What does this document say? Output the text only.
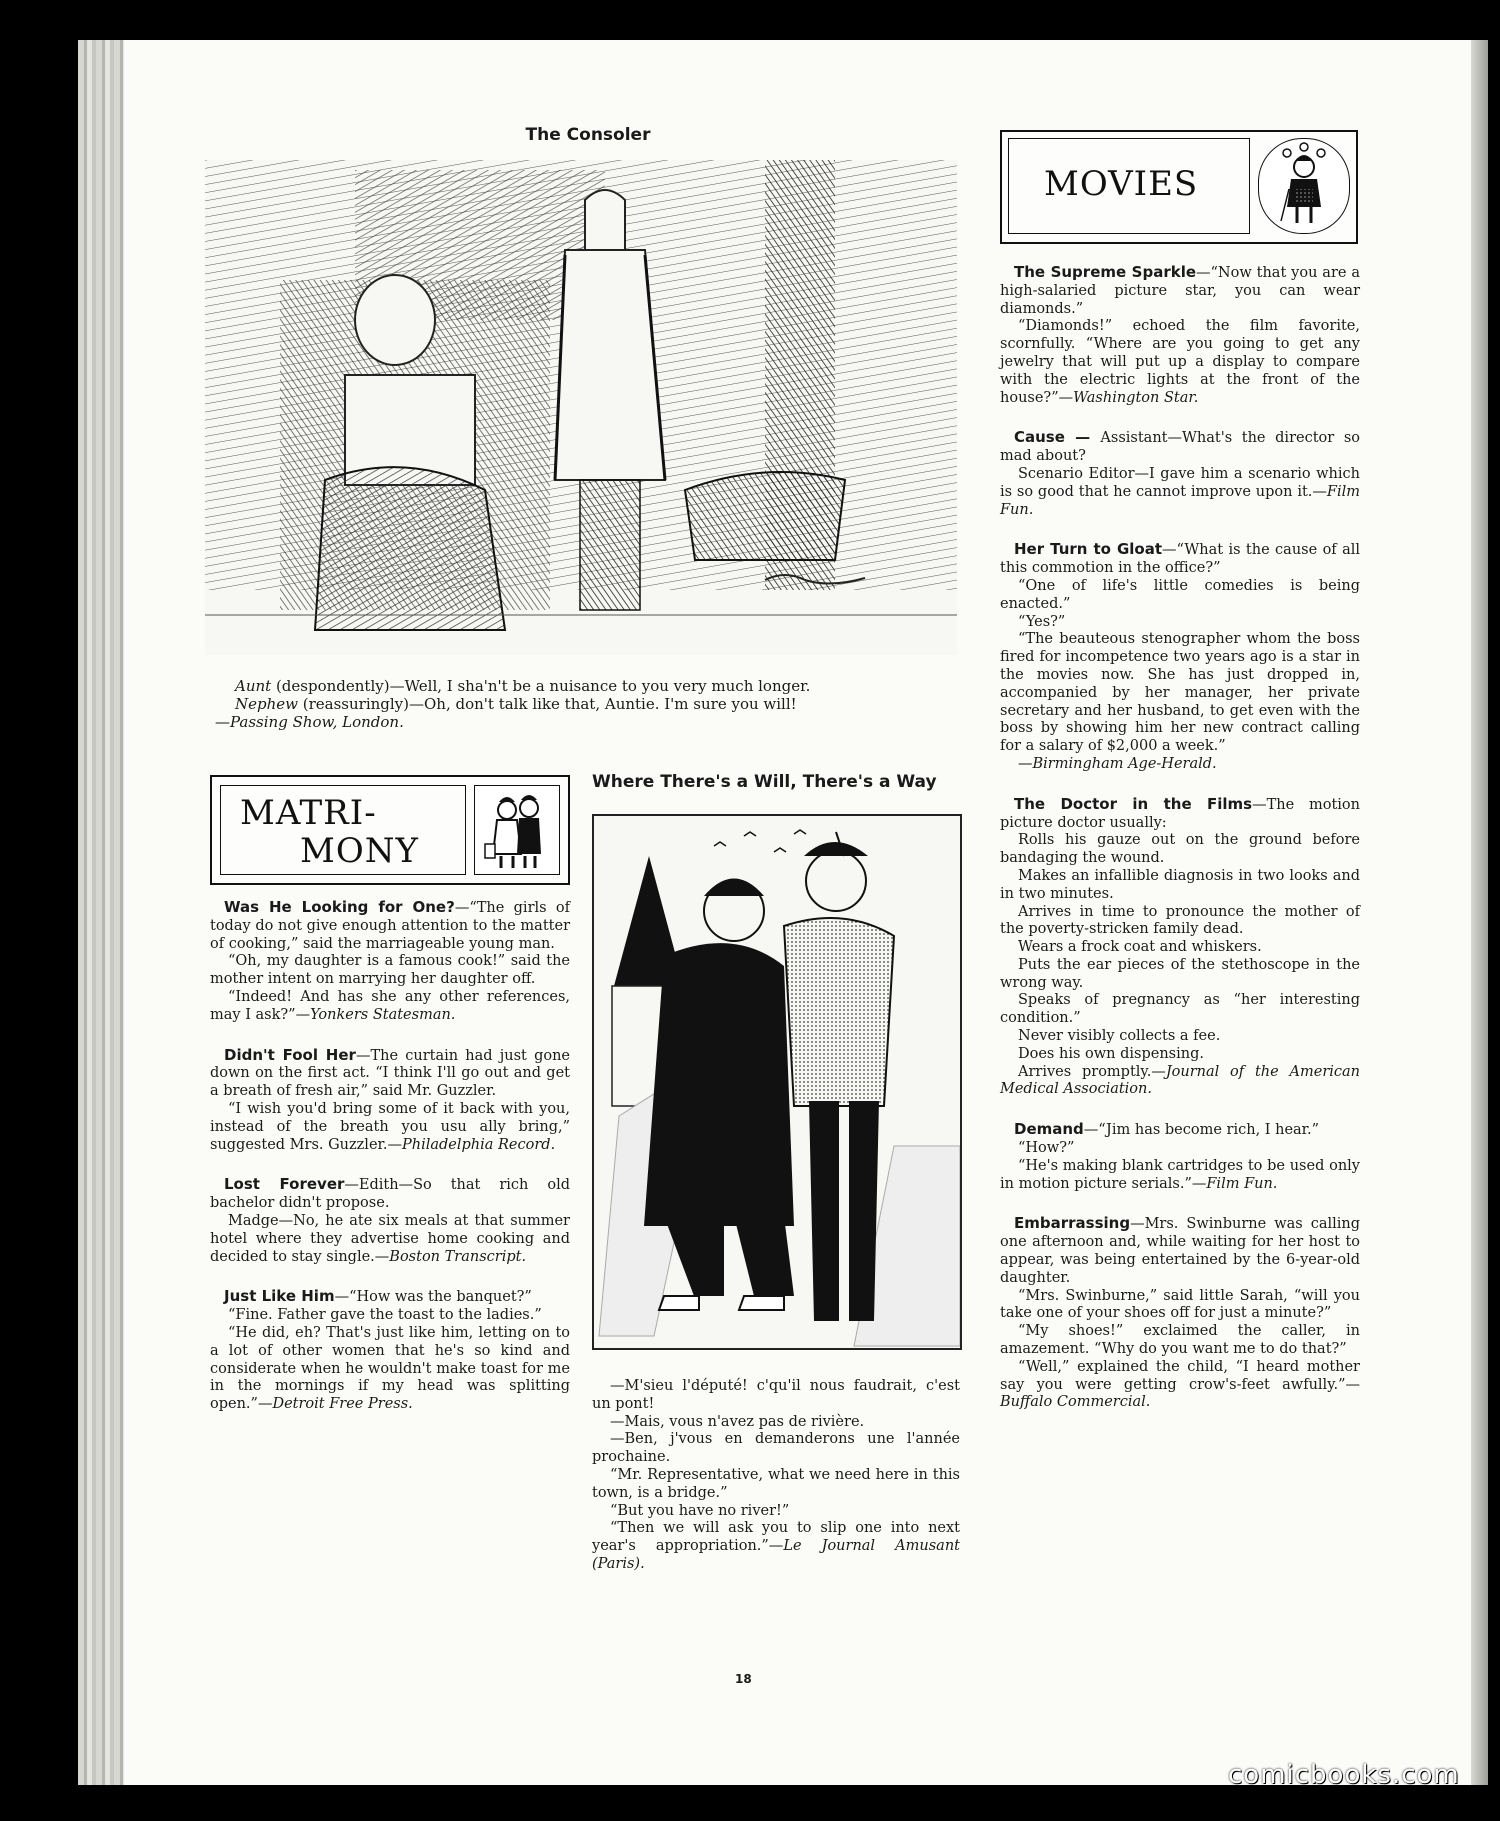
The Consoler

Aunt (despondently)—Well, I sha'n't be a nuisance to you very much longer.

Nephew (reassuringly)—Oh, don't talk like that, Auntie. I'm sure you will!

—Passing Show, London.

MATRI-
MONY

Was He Looking for One?—“The girls of today do not give enough attention to the matter of cooking,” said the marriageable young man.

“Oh, my daughter is a famous cook!” said the mother intent on marrying her daughter off.

“Indeed! And has she any other references, may I ask?”—Yonkers Statesman.

Didn't Fool Her—The curtain had just gone down on the first act. “I think I'll go out and get a breath of fresh air,” said Mr. Guzzler.

“I wish you'd bring some of it back with you, instead of the breath you usu ally bring,” suggested Mrs. Guzzler.—Philadelphia Record.

Lost Forever—Edith—So that rich old bachelor didn't propose.

Madge—No, he ate six meals at that summer hotel where they advertise home cooking and decided to stay single.—Boston Transcript.

Just Like Him—“How was the banquet?”

“Fine. Father gave the toast to the ladies.”

“He did, eh? That's just like him, letting on to a lot of other women that he's so kind and considerate when he wouldn't make toast for me in the mornings if my head was splitting open.”—Detroit Free Press.

Where There's a Will, There's a Way

—M'sieu l'député! c'qu'il nous faudrait, c'est un pont!

—Mais, vous n'avez pas de rivière.

—Ben, j'vous en demanderons une l'année prochaine.

“Mr. Representative, what we need here in this town, is a bridge.”

“But you have no river!”

“Then we will ask you to slip one into next year's appropriation.”—Le Journal Amusant (Paris).

MOVIES

The Supreme Sparkle—“Now that you are a high-salaried picture star, you can wear diamonds.”

“Diamonds!” echoed the film favorite, scornfully. “Where are you going to get any jewelry that will put up a display to compare with the electric lights at the front of the house?”—Washington Star.

Cause — Assistant—What's the director so mad about?

Scenario Editor—I gave him a scenario which is so good that he cannot improve upon it.—Film Fun.

Her Turn to Gloat—“What is the cause of all this commotion in the office?”

“One of life's little comedies is being enacted.”

“Yes?”

“The beauteous stenographer whom the boss fired for incompetence two years ago is a star in the movies now. She has just dropped in, accompanied by her manager, her private secretary and her husband, to get even with the boss by showing him her new contract calling for a salary of $2,000 a week.”

—Birmingham Age-Herald.

The Doctor in the Films—The motion picture doctor usually:

Rolls his gauze out on the ground before bandaging the wound.

Makes an infallible diagnosis in two looks and in two minutes.

Arrives in time to pronounce the mother of the poverty-stricken family dead.

Wears a frock coat and whiskers.

Puts the ear pieces of the stethoscope in the wrong way.

Speaks of pregnancy as “her interesting condition.”

Never visibly collects a fee.

Does his own dispensing.

Arrives promptly.—Journal of the American Medical Association.

Demand—“Jim has become rich, I hear.”

“How?”

“He's making blank cartridges to be used only in motion picture serials.”—Film Fun.

Embarrassing—Mrs. Swinburne was calling one afternoon and, while waiting for her host to appear, was being entertained by the 6-year-old daughter.

“Mrs. Swinburne,” said little Sarah, “will you take one of your shoes off for just a minute?”

“My shoes!” exclaimed the caller, in amazement. “Why do you want me to do that?”

“Well,” explained the child, “I heard mother say you were getting crow's-feet awfully.”—Buffalo Commercial.

18
comicbooks.com
